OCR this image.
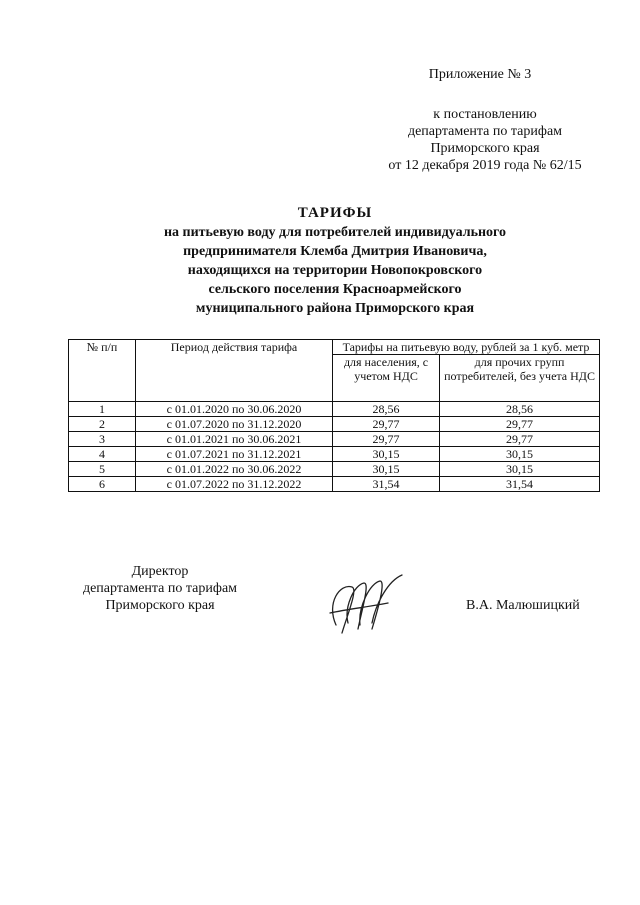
Приложение № 3
к постановлению
департамента по тарифам
Приморского края
от 12 декабря 2019 года № 62/15
ТАРИФЫ
на питьевую воду для потребителей индивидуального
предпринимателя Клемба Дмитрия Ивановича,
находящихся на территории Новопокровского
сельского поселения Красноармейского
муниципального района Приморского края
№ п/п	Период действия тарифа	Тарифы на питьевую воду, рублей за 1 куб. метр	
		для населения, с учетом НДС	для прочих групп потребителей, без учета НДС
1	с 01.01.2020 по 30.06.2020	28,56	28,56
2	с 01.07.2020 по 31.12.2020	29,77	29,77
3	с 01.01.2021 по 30.06.2021	29,77	29,77
4	с 01.07.2021 по 31.12.2021	30,15	30,15
5	с 01.01.2022 по 30.06.2022	30,15	30,15
6	с 01.07.2022 по 31.12.2022	31,54	31,54
Директор
департамента по тарифам
Приморского края	В.А. Малюшицкий
